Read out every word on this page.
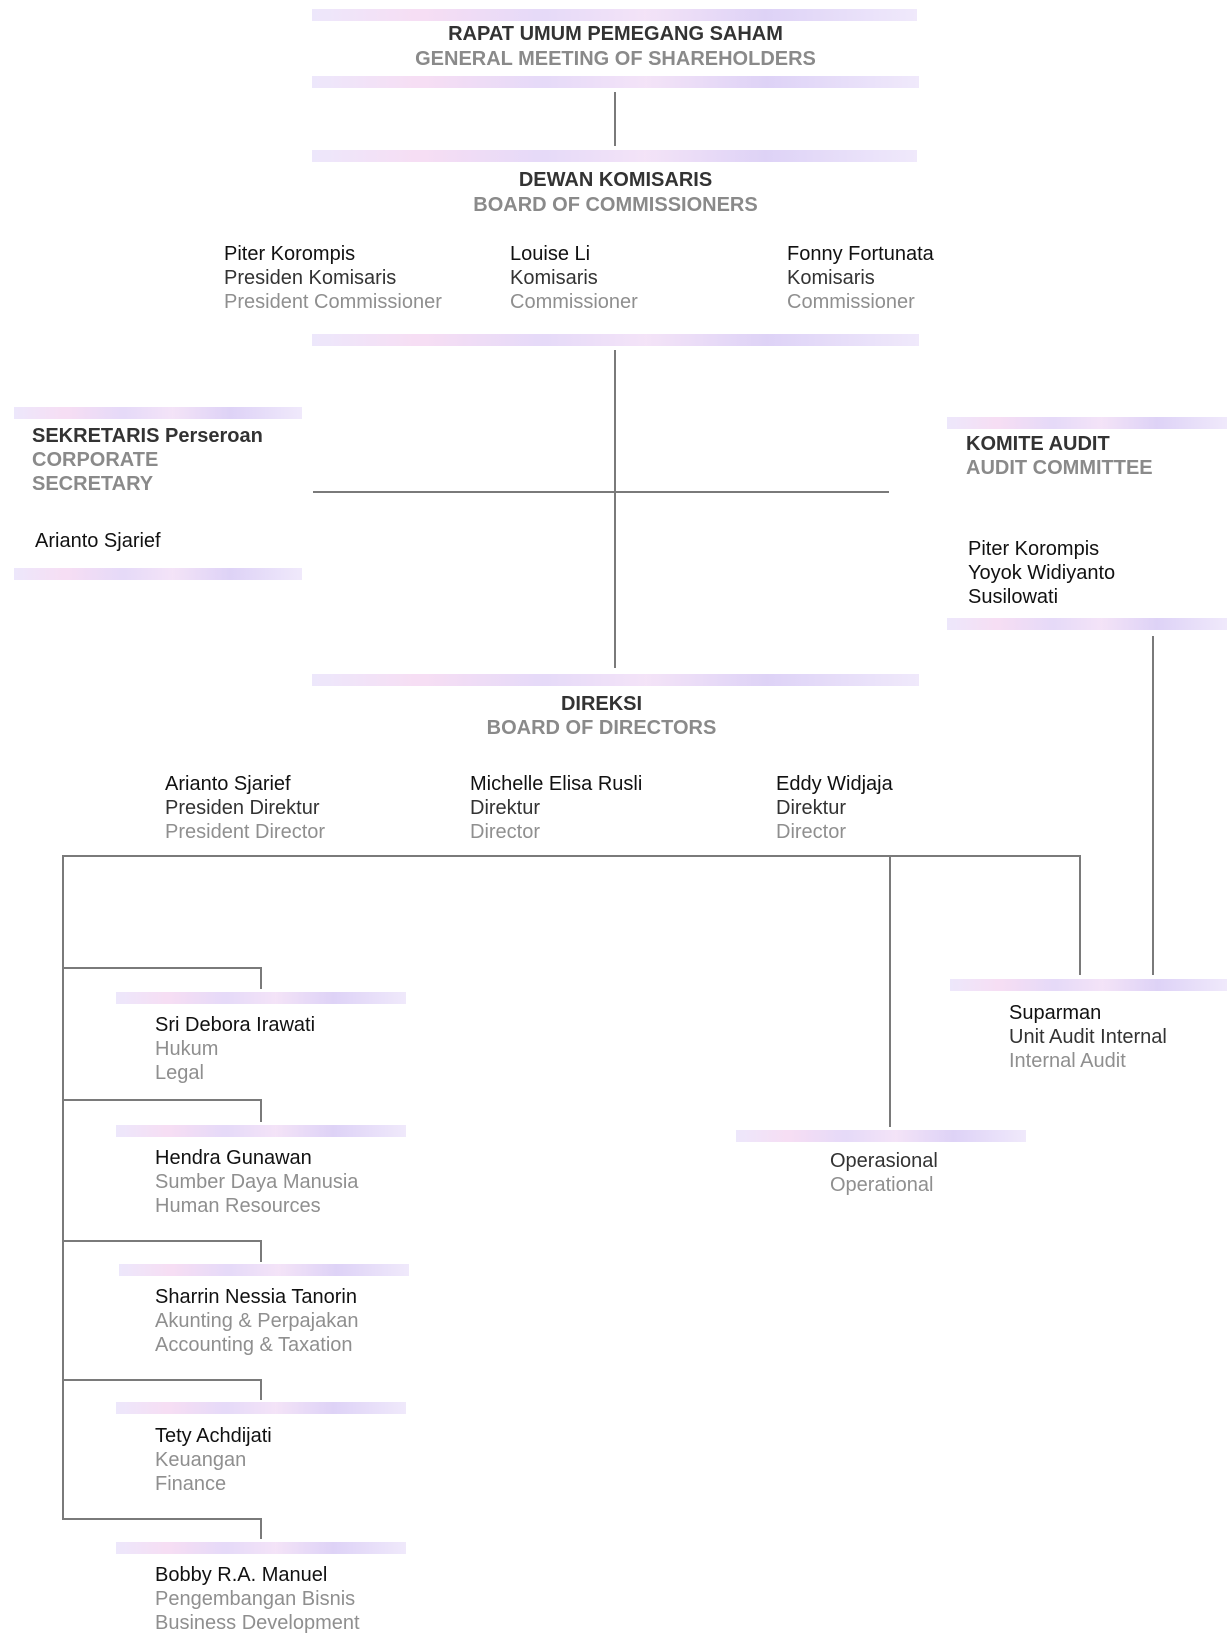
RAPAT UMUM PEMEGANG SAHAM
GENERAL MEETING OF SHAREHOLDERS
DEWAN KOMISARIS
BOARD OF COMMISSIONERS
Piter Korompis
Presiden Komisaris
President Commissioner
Louise Li
Komisaris
Commissioner
Fonny Fortunata
Komisaris
Commissioner
SEKRETARIS Perseroan
CORPORATE
SECRETARY
Arianto Sjarief
KOMITE AUDIT
AUDIT COMMITTEE
Piter Korompis
Yoyok Widiyanto
Susilowati
DIREKSI
BOARD OF DIRECTORS
Arianto Sjarief
Presiden Direktur
President Director
Michelle Elisa Rusli
Direktur
Director
Eddy Widjaja
Direktur
Director
Suparman
Unit Audit Internal
Internal Audit
Operasional
Operational
Sri Debora Irawati
Hukum
Legal
Hendra Gunawan
Sumber Daya Manusia
Human Resources
Sharrin Nessia Tanorin
Akunting & Perpajakan
Accounting & Taxation
Tety Achdijati
Keuangan
Finance
Bobby R.A. Manuel
Pengembangan Bisnis
Business Development
